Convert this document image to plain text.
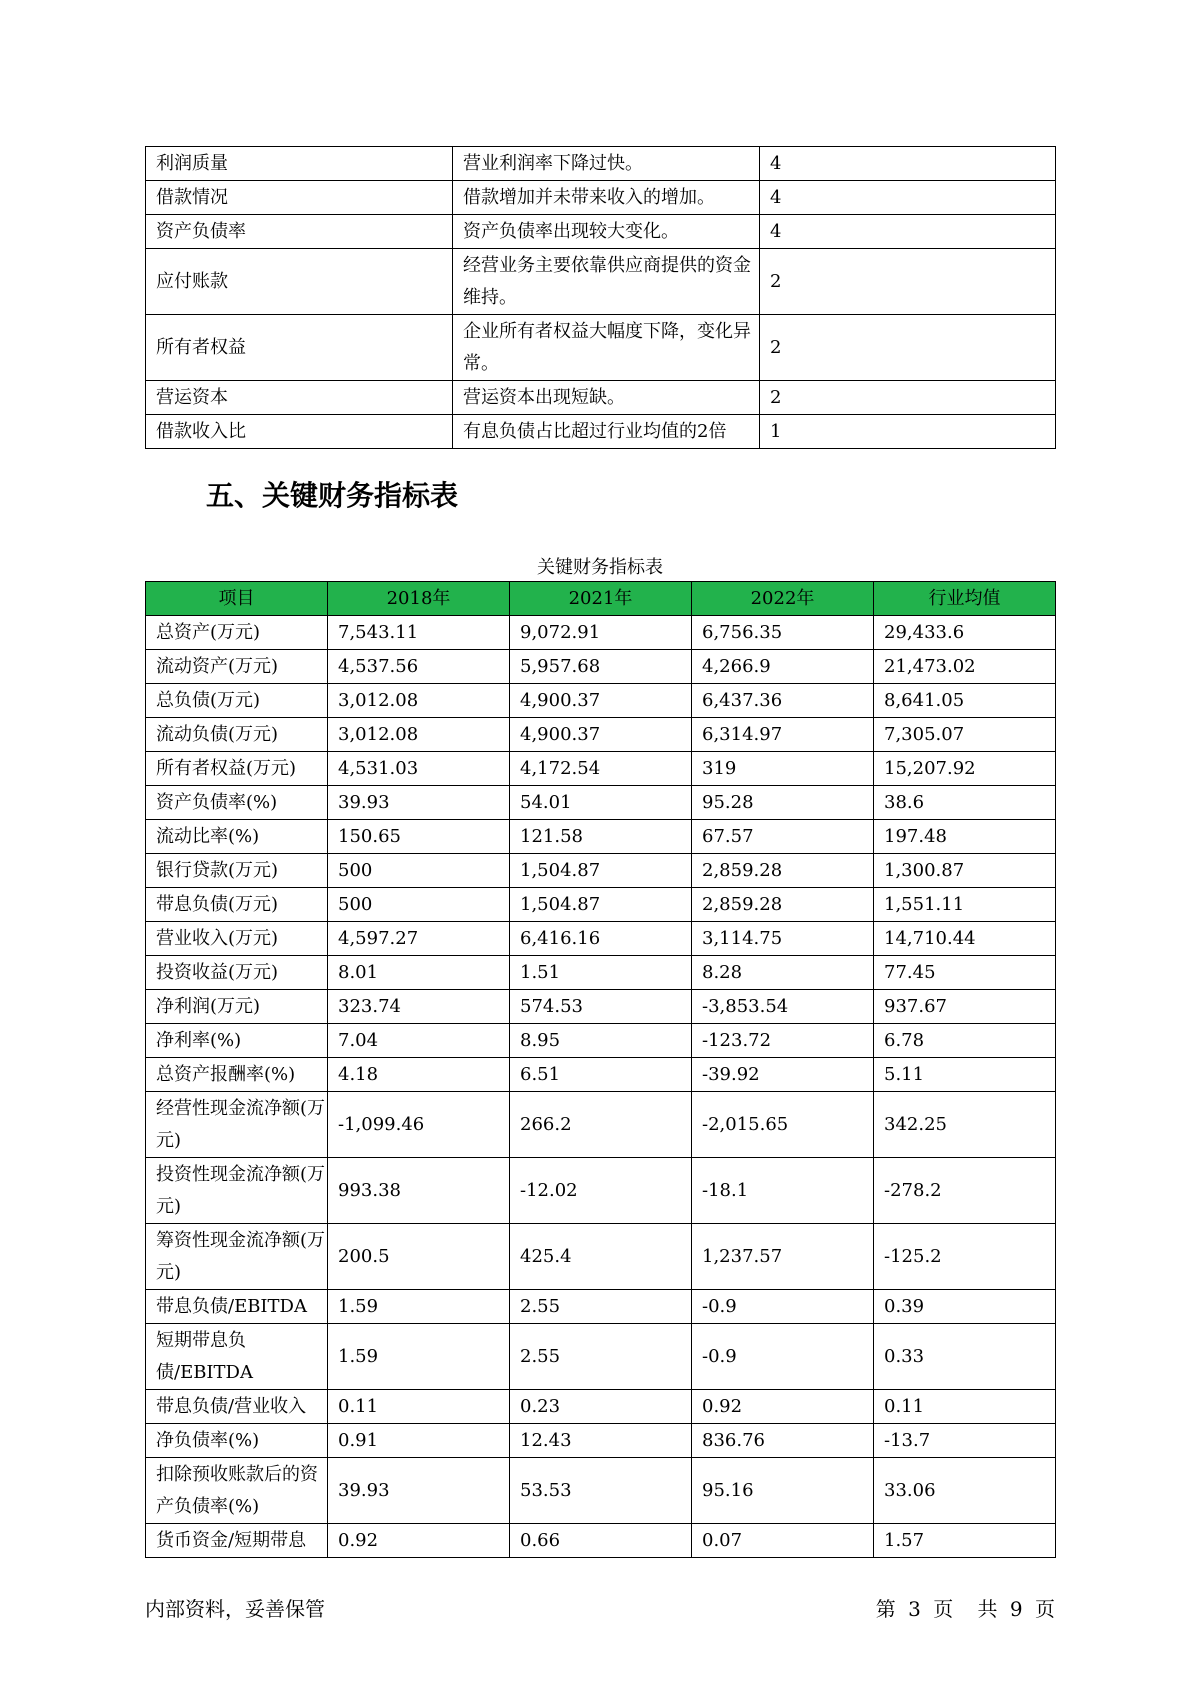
利润质量	营业利润率下降过快。	4
借款情况	借款增加并未带来收入的增加。	4
资产负债率	资产负债率出现较大变化。	4
应付账款	经营业务主要依靠供应商提供的资金维持。	2
所有者权益	企业所有者权益大幅度下降，变化异常。	2
营运资本	营运资本出现短缺。	2
借款收入比	有息负债占比超过行业均值的2倍	1
五、关键财务指标表

关键财务指标表

项目	2018年	2021年	2022年	行业均值
总资产(万元)	7,543.11	9,072.91	6,756.35	29,433.6
流动资产(万元)	4,537.56	5,957.68	4,266.9	21,473.02
总负债(万元)	3,012.08	4,900.37	6,437.36	8,641.05
流动负债(万元)	3,012.08	4,900.37	6,314.97	7,305.07
所有者权益(万元)	4,531.03	4,172.54	319	15,207.92
资产负债率(%)	39.93	54.01	95.28	38.6
流动比率(%)	150.65	121.58	67.57	197.48
银行贷款(万元)	500	1,504.87	2,859.28	1,300.87
带息负债(万元)	500	1,504.87	2,859.28	1,551.11
营业收入(万元)	4,597.27	6,416.16	3,114.75	14,710.44
投资收益(万元)	8.01	1.51	8.28	77.45
净利润(万元)	323.74	574.53	-3,853.54	937.67
净利率(%)	7.04	8.95	-123.72	6.78
总资产报酬率(%)	4.18	6.51	-39.92	5.11
经营性现金流净额(万元)	-1,099.46	266.2	-2,015.65	342.25
投资性现金流净额(万元)	993.38	-12.02	-18.1	-278.2
筹资性现金流净额(万元)	200.5	425.4	1,237.57	-125.2
带息负债/EBITDA	1.59	2.55	-0.9	0.39
短期带息负债/EBITDA	1.59	2.55	-0.9	0.33
带息负债/营业收入	0.11	0.23	0.92	0.11
净负债率(%)	0.91	12.43	836.76	-13.7
扣除预收账款后的资产负债率(%)	39.93	53.53	95.16	33.06
货币资金/短期带息	0.92	0.66	0.07	1.57
内部资料，妥善保管	第 3 页 共 9 页
